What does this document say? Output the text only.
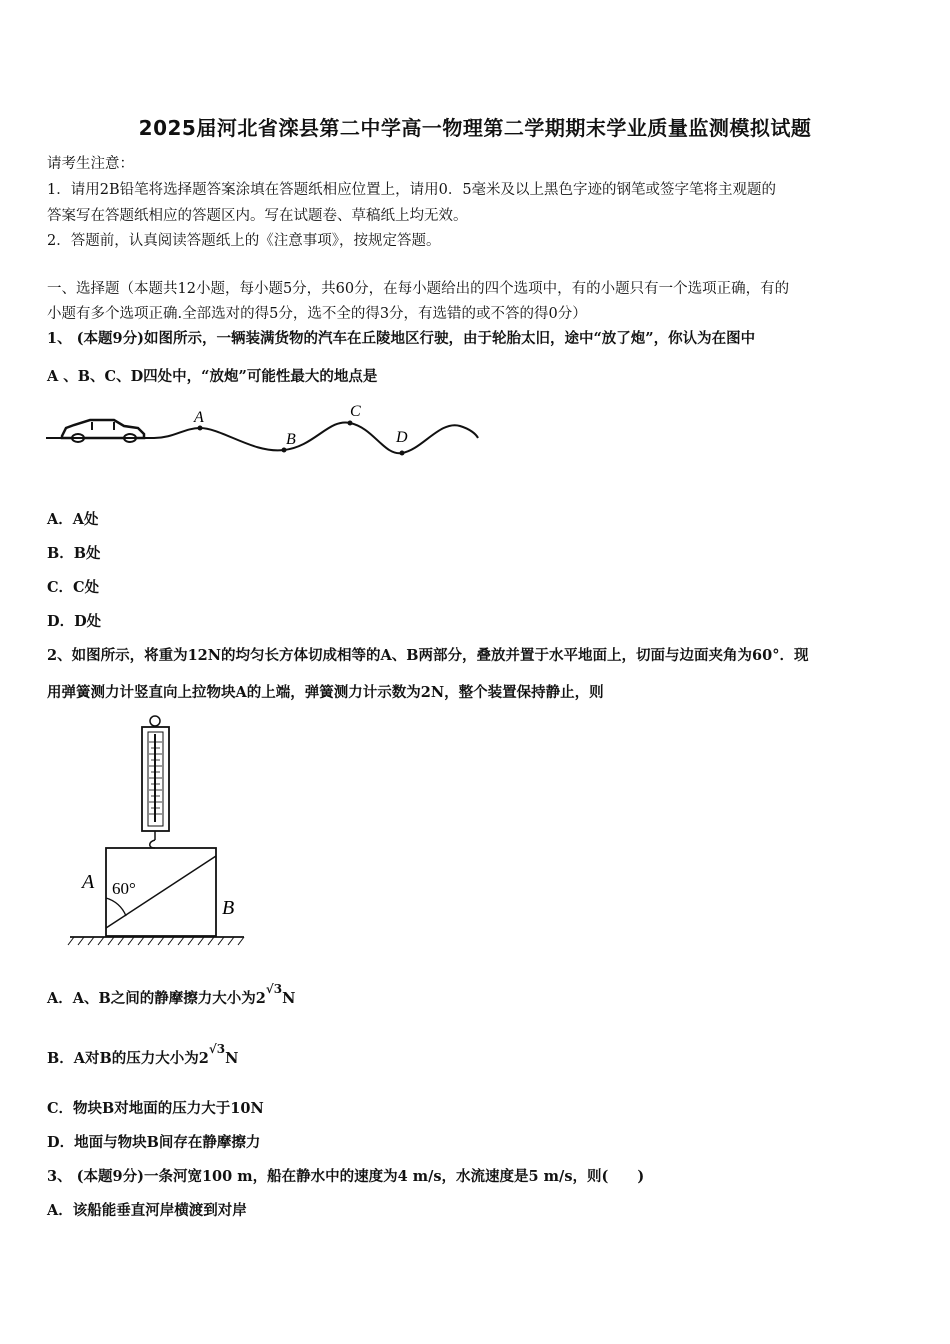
2025届河北省滦县第二中学高一物理第二学期期末学业质量监测模拟试题
请考生注意：
1．请用2B铅笔将选择题答案涂填在答题纸相应位置上，请用0．5毫米及以上黑色字迹的钢笔或签字笔将主观题的
答案写在答题纸相应的答题区内。写在试题卷、草稿纸上均无效。
2．答题前，认真阅读答题纸上的《注意事项》，按规定答题。
一、选择题（本题共12小题，每小题5分，共60分，在每小题给出的四个选项中，有的小题只有一个选项正确，有的
小题有多个选项正确.全部选对的得5分，选不全的得3分，有选错的或不答的得0分）
1、 (本题9分)如图所示，一辆装满货物的汽车在丘陵地区行驶，由于轮胎太旧，途中“放了炮”，你认为在图中
A 、B、C、D四处中，“放炮”可能性最大的地点是
A
B
C
D
A．A处
B．B处
C．C处
D．D处
2、如图所示，将重为12N的均匀长方体切成相等的A、B两部分，叠放并置于水平地面上，切面与边面夹角为60°．现
用弹簧测力计竖直向上拉物块A的上端，弹簧测力计示数为2N，整个装置保持静止，则
60°
A
B
A．A、B之间的静摩擦力大小为$2^{√3}N$
B．A对B的压力大小为$2^{√3}N$
C．物块B对地面的压力大于10N
D．地面与物块B间存在静摩擦力
3、 (本题9分)一条河宽100 m，船在静水中的速度为4 m/s，水流速度是5 m/s，则(　　)
A．该船能垂直河岸横渡到对岸
